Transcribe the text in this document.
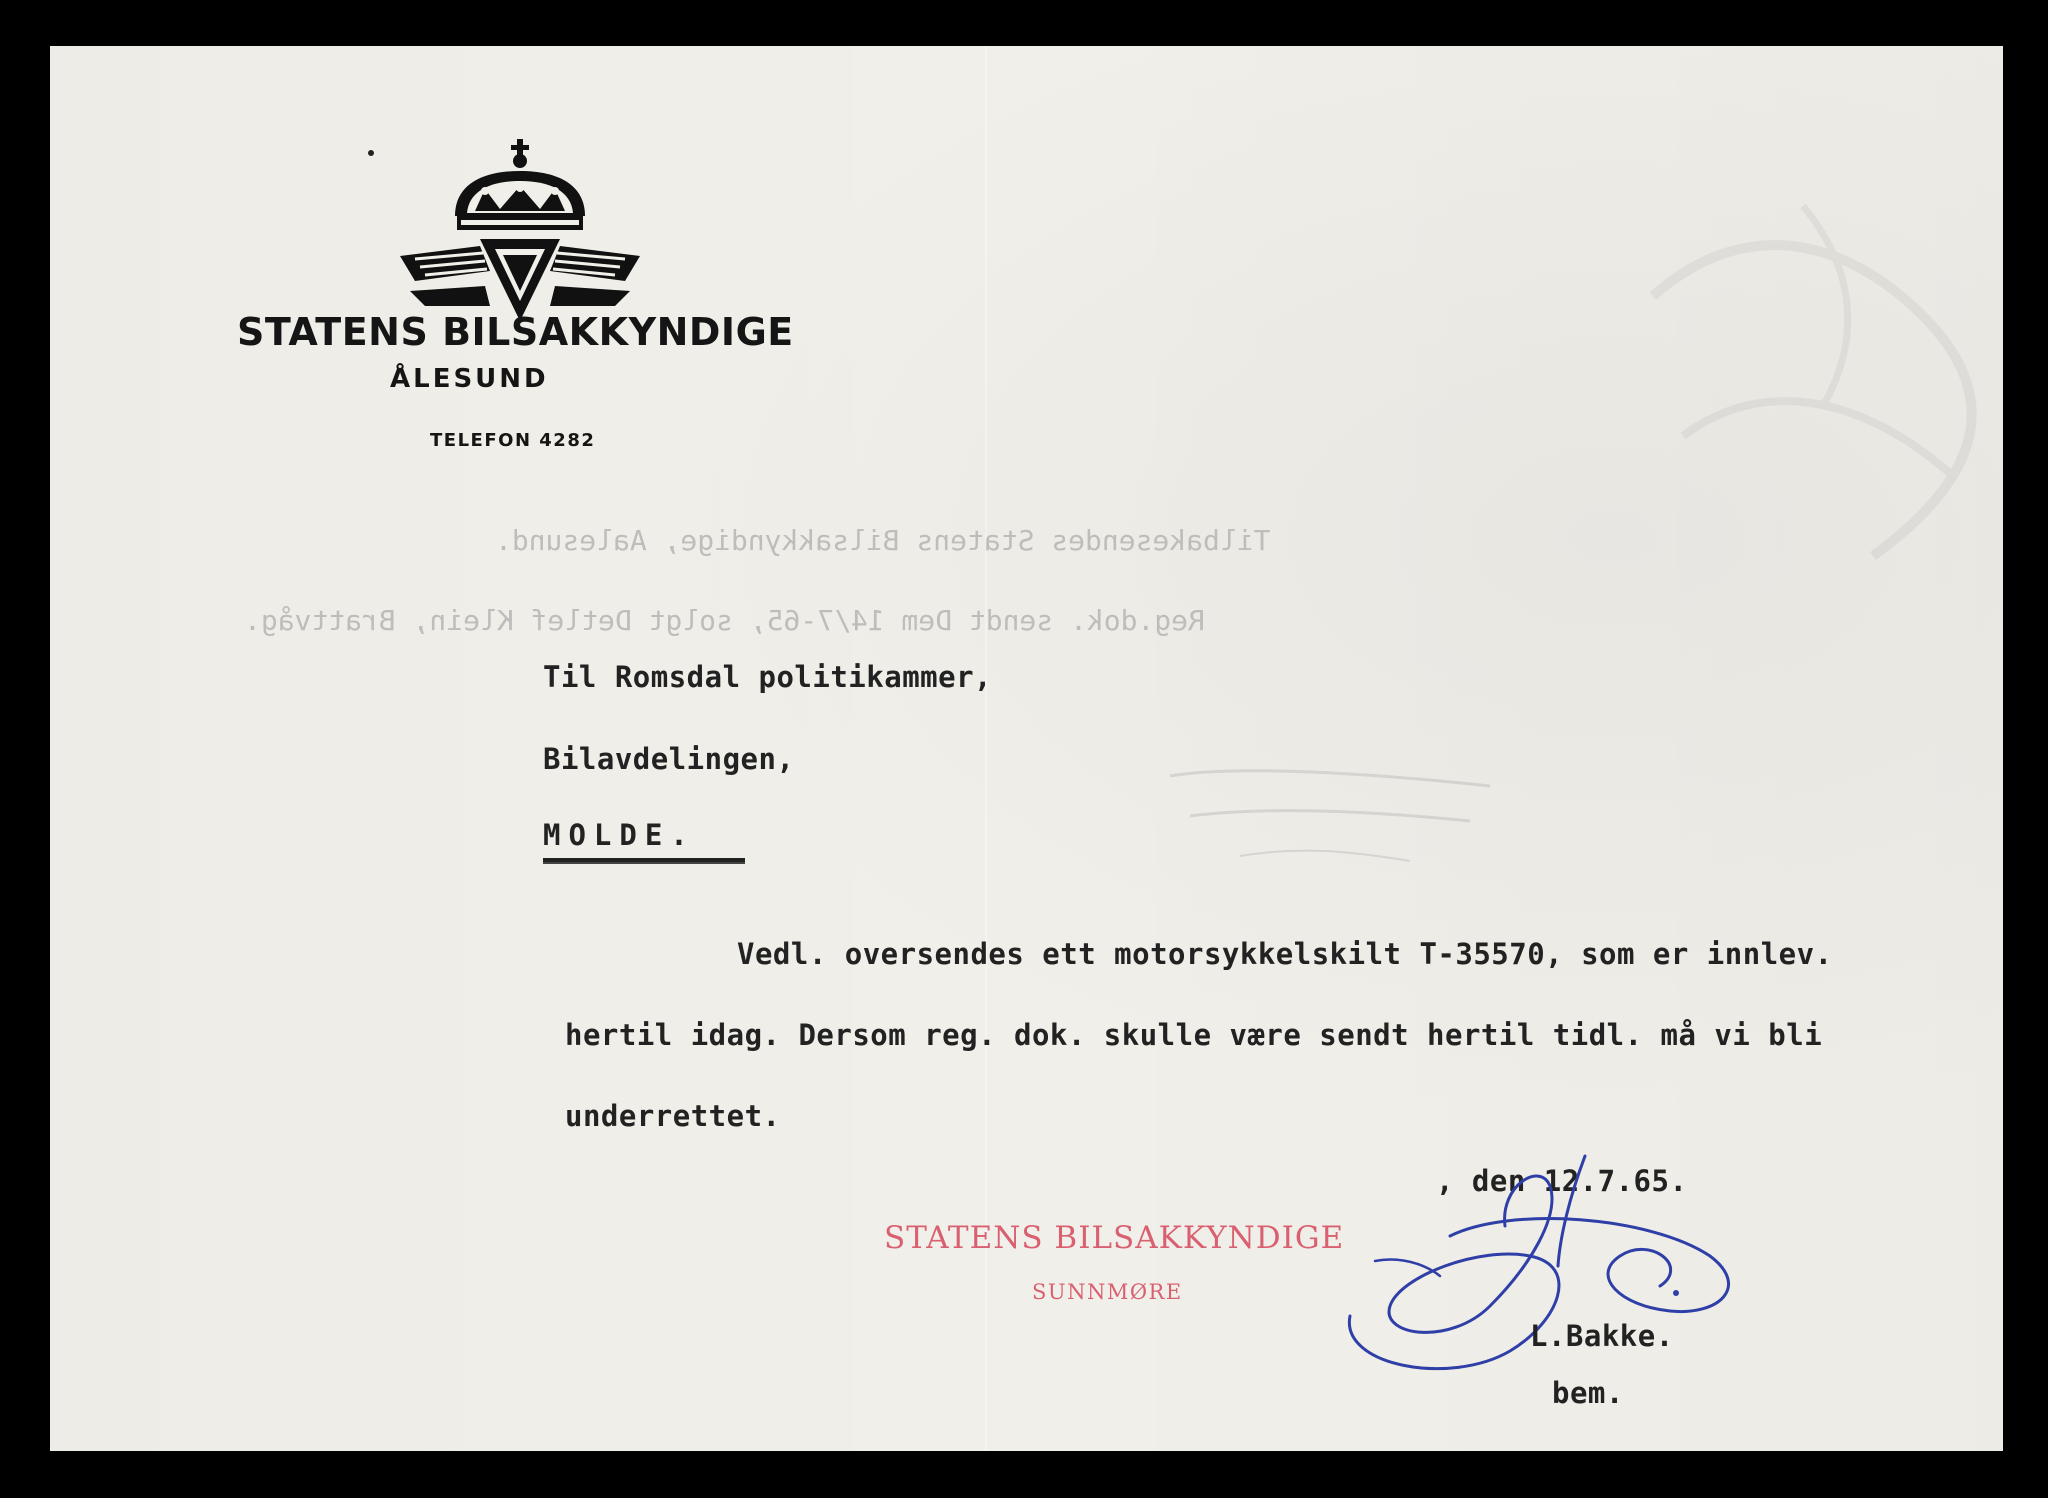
STATENS BILSAKKYNDIGE
ÅLESUND
TELEFON 4282
Tilbakesendes Statens Bilsakkyndige, Aalesund.
Reg.dok. sendt Dem 14/7-65, solgt Detlef Klein, Brattvåg.
Til Romsdal politikammer,
Bilavdelingen,
MOLDE.
Vedl. oversendes ett motorsykkelskilt T-35570, som er innlev.
hertil idag. Dersom reg. dok. skulle være sendt hertil tidl. må vi bli
underrettet.
, den 12.7.65.
STATENS BILSAKKYNDIGE
SUNNMØRE
L.Bakke.
bem.
